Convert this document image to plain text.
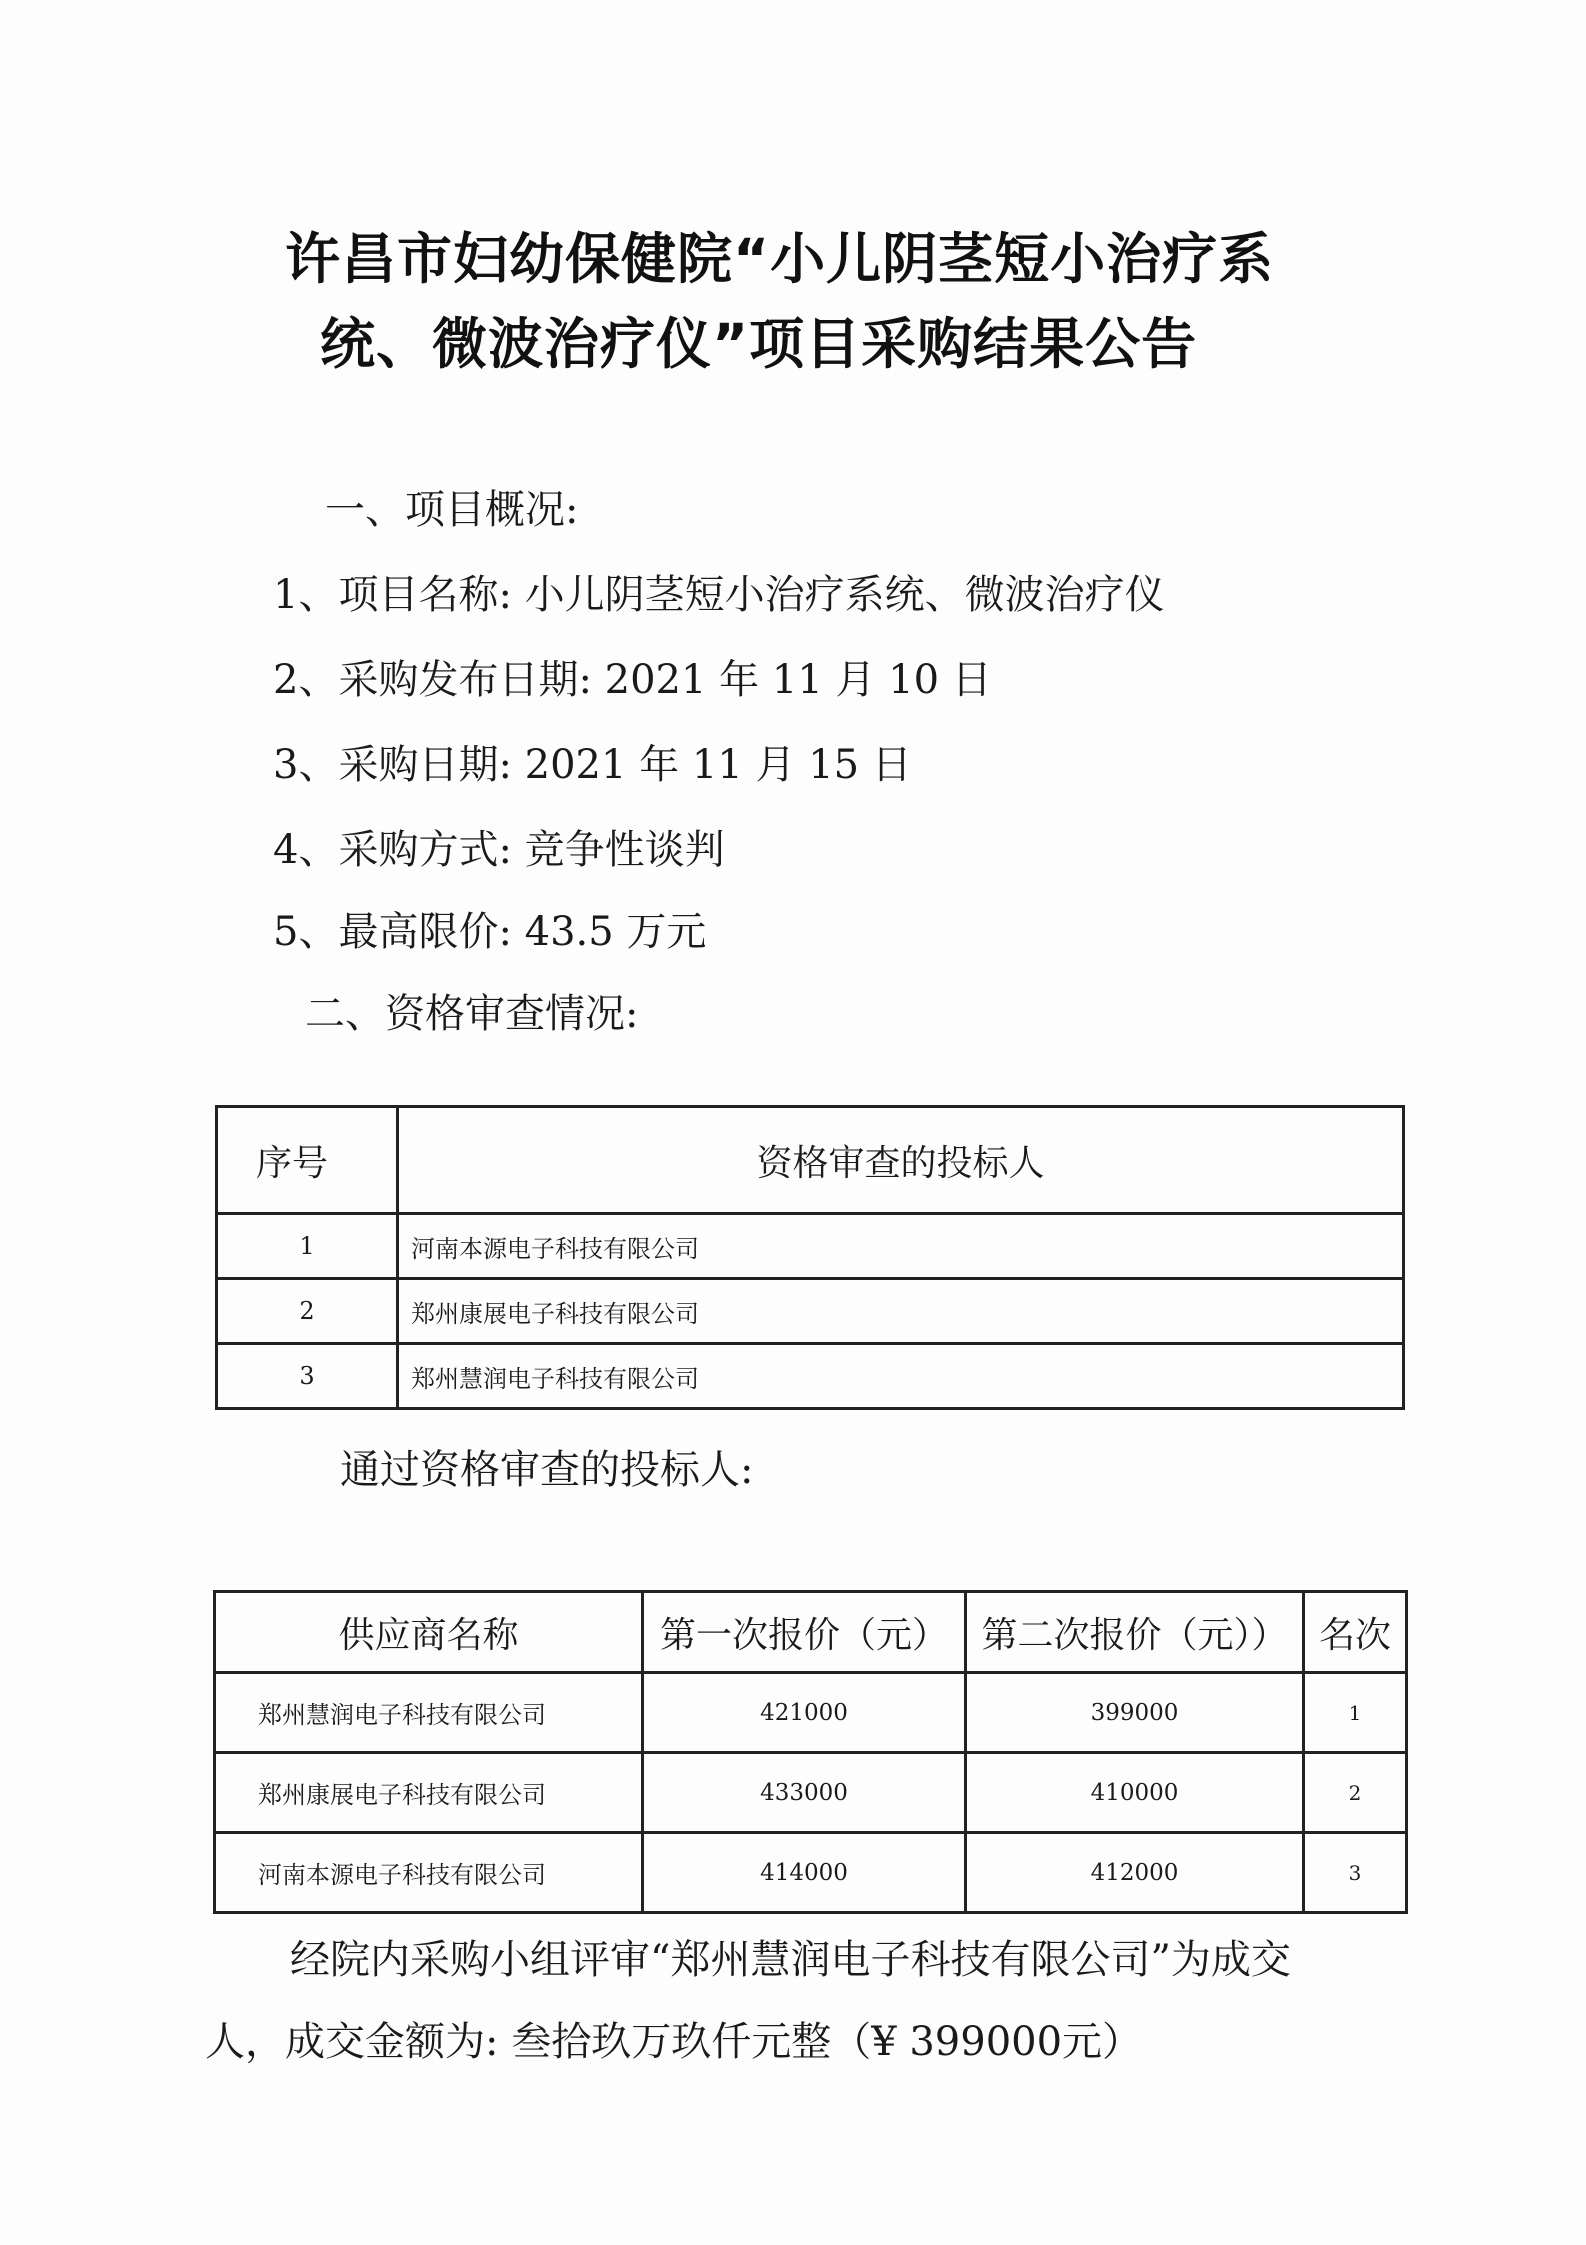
许昌市妇幼保健院“小儿阴茎短小治疗系
统、微波治疗仪”项目采购结果公告
一、项目概况:
1、项目名称: 小儿阴茎短小治疗系统、微波治疗仪
2、采购发布日期: 2021 年 11 月 10 日
3、采购日期: 2021 年 11 月 15 日
4、采购方式: 竞争性谈判
5、最高限价: 43.5 万元
二、资格审查情况:
序号	资格审查的投标人
1	河南本源电子科技有限公司
2	郑州康展电子科技有限公司
3	郑州慧润电子科技有限公司
通过资格审查的投标人:
供应商名称	第一次报价（元）	第二次报价（元））	名次
郑州慧润电子科技有限公司	421000	399000	1
郑州康展电子科技有限公司	433000	410000	2
河南本源电子科技有限公司	414000	412000	3
经院内采购小组评审“郑州慧润电子科技有限公司”为成交
人，成交金额为: 叁拾玖万玖仟元整（¥ 399000元）
